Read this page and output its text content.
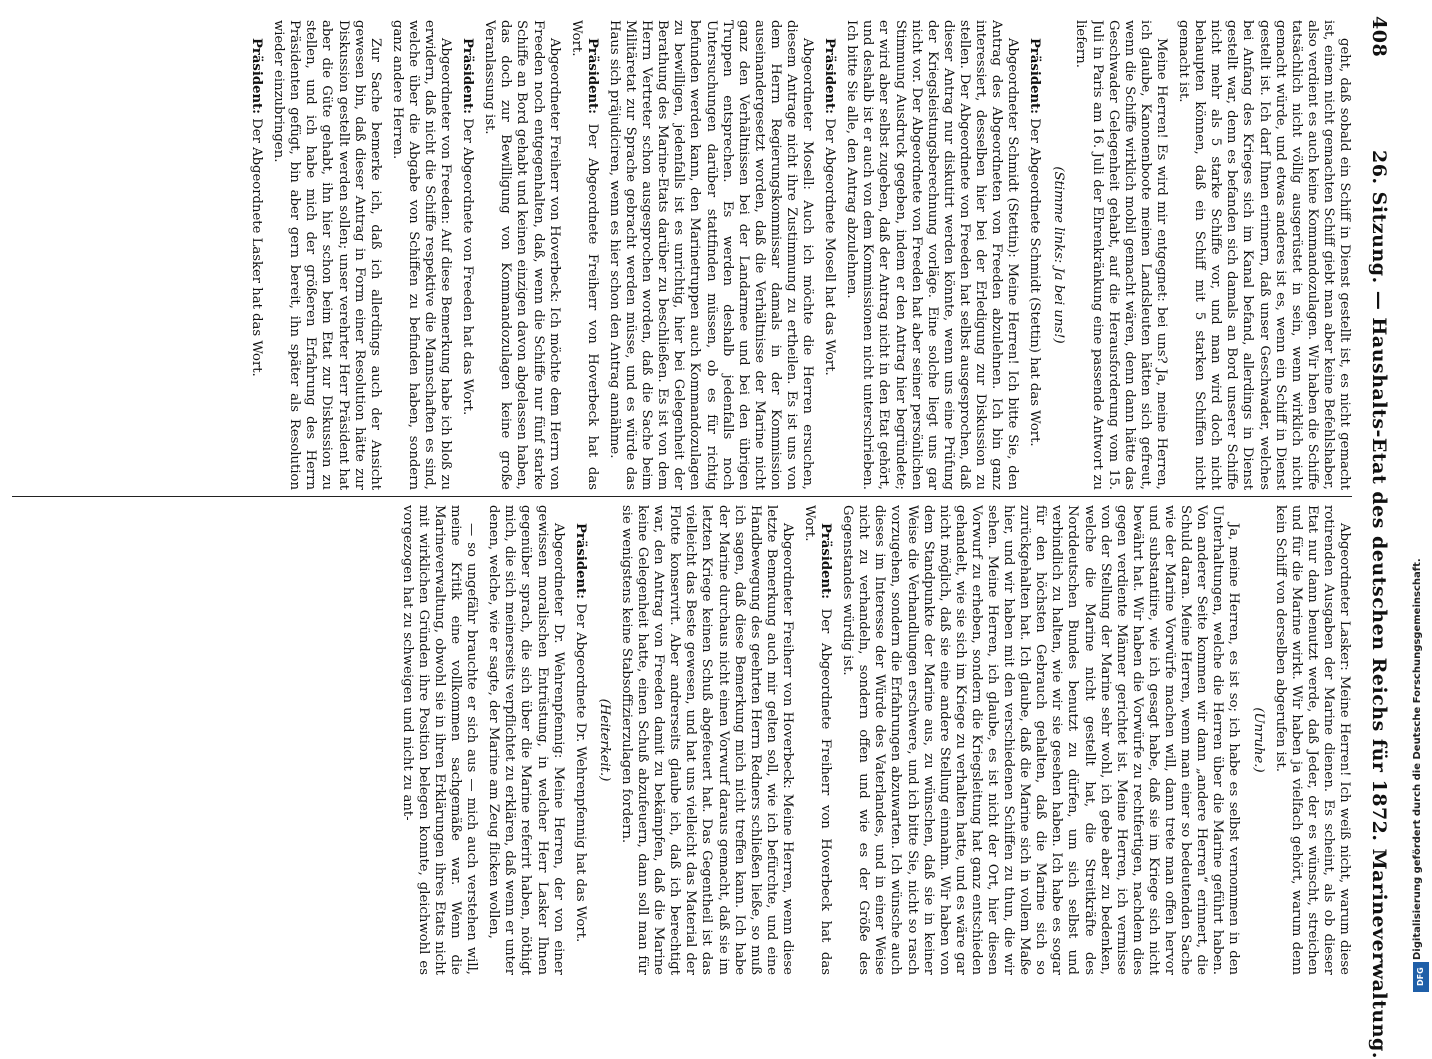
408
26. Sitzung. — Haushalts-Etat des deutschen Reichs für 1872. Marineverwaltung.

geht, daß sobald ein Schiff in Dienst gestellt ist, es nicht gemacht ist, einem nicht gemachten Schiff giebt man aber keine Befehlshaber, also verdient es auch keine Kommandozulagen. Wir haben die Schiffe tatsächlich nicht völlig ausgerüstet in sein, wenn wirklich nicht gemacht würde, und etwas anderes ist es, wenn ein Schiff in Dienst gestellt ist. Ich darf Ihnen erinnern, daß unser Geschwader, welches bei Anfang des Krieges sich im Kanal befand, allerdings in Dienst gestellt war, denn es befanden sich damals an Bord unserer Schiffe nicht mehr als 5 starke Schiffe vor, und man wird doch nicht behaupten können, daß ein Schiff mit 5 starken Schiffen nicht gemacht ist.

Meine Herren! Es wird mir entgegnet: bei uns? Ja, meine Herren, ich glaube, Kanonenboote meinen Landsleuten hätten sich gefreut, wenn die Schiffe wirklich mobil gemacht wären, denn dann hätte das Geschwader Gelegenheit gehabt, auf die Herausforderung vom 15. Juli in Paris am 16. Juli der Ehrenkränkung eine passende Antwort zu liefern.

(Stimme links: Ja bei uns!)

Präsident: Der Abgeordnete Schmidt (Stettin) hat das Wort.

Abgeordneter Schmidt (Stettin): Meine Herren! Ich bitte Sie, den Antrag des Abgeordneten von Freeden abzulehnen. Ich bin ganz interessiert, desselben hier bei der Erledigung zur Diskussion zu stellen. Der Abgeordnete von Freeden hat selbst ausgesprochen, daß dieser Antrag nur diskutirt werden könnte, wenn uns eine Prüfung der Kriegsleistungsberechnung vorläge. Eine solche liegt uns gar nicht vor. Der Abgeordnete von Freeden hat aber seiner persönlichen Stimmung Ausdruck gegeben, indem er den Antrag hier begründete; er wird aber selbst zugeben, daß der Antrag nicht in den Etat gehört, und deshalb ist er auch von dem Kommissionen nicht unterschrieben. Ich bitte Sie alle, den Antrag abzulehnen.

Präsident: Der Abgeordnete Mosell hat das Wort.

Abgeordneter Mosell: Auch ich möchte die Herren ersuchen, diesem Antrage nicht ihre Zustimmung zu ertheilen. Es ist uns von dem Herrn Regierungskommissar damals in der Kommission auseinandergesetzt worden, daß die Verhältnisse der Marine nicht ganz den Verhältnissen bei der Landarmee und bei den übrigen Truppen entsprechen. Es werden deshalb jedenfalls noch Untersuchungen darüber stattfinden müssen, ob es für richtig befunden werden kann, den Marinetruppen auch Kommandozulagen zu bewilligen, jedenfalls ist es unrichtig, hier bei Gelegenheit der Berathung des Marine-Etats darüber zu beschließen. Es ist von dem Herrn Vertreter schon ausgesprochen worden, daß die Sache beim Militäretat zur Sprache gebracht werden müsse, und es würde das Haus sich präjudiciren, wenn es hier schon den Antrag annähme.

Präsident: Der Abgeordnete Freiherr von Hoverbeck hat das Wort.

Abgeordneter Freiherr von Hoverbeck: Ich möchte dem Herrn von Freeden noch entgegenhalten, daß, wenn die Schiffe nur fünf starke Schiffe an Bord gehabt und keinen einzigen davon abgelassen haben, das doch zur Bewilligung von Kommandozulagen keine große Veranlassung ist.

Präsident: Der Abgeordnete von Freeden hat das Wort.

Abgeordneter von Freeden: Auf diese Bemerkung habe ich bloß zu erwidern, daß nicht die Schiffe respektive die Mannschaften es sind, welche über die Abgabe von Schiffen zu befinden haben, sondern ganz andere Herren.

Zur Sache bemerke ich, daß ich allerdings auch der Ansicht gewesen bin, daß dieser Antrag in Form einer Resolution hätte zur Diskussion gestellt werden sollen; unser verehrter Herr Präsident hat aber die Güte gehabt, ihn hier schon beim Etat zur Diskussion zu stellen, und ich habe mich der größeren Erfahrung des Herrn Präsidenten gefügt, bin aber gern bereit, ihn später als Resolution wieder einzubringen.

Präsident: Der Abgeordnete Lasker hat das Wort.

Abgeordneter Lasker: Meine Herren! Ich weiß nicht, warum diese rotirenden Ausgaben der Marine dienen. Es scheint, als ob dieser Etat nur dann benutzt werde, daß Jeder, der es wünscht, streichen und für die Marine wirkt. Wir haben ja vielfach gehört, warum denn kein Schiff von derselben abgerufen ist.

(Unruhe.)

Ja, meine Herren, es ist so; ich habe es selbst vernommen in den Unterhaltungen, welche die Herren über die Marine geführt haben. Von anderer Seite kommen wir dann „andere Herren“ erinnert, die Schuld daran. Meine Herren, wenn man einer so bedeutenden Sache wie der Marine Vorwürfe machen will, dann trete man offen hervor und substantiire, wie ich gesagt habe, daß sie im Kriege sich nicht bewährt hat. Wir haben die Vorwürfe zu rechtfertigen, nachdem dies gegen verdiente Männer gerichtet ist. Meine Herren, ich vermisse von der Stellung der Marine sehr wohl, ich gebe aber zu bedenken, welche die Marine nicht gestellt hat, die Streitkräfte des Norddeutschen Bundes benutzt zu dürfen, um sich selbst und verbindlich zu halten, wie wir sie gesehen haben. Ich habe es sogar für den höchsten Gebrauch gehalten, daß die Marine sich so zurückgehalten hat. Ich glaube, daß die Marine sich in vollem Maße hier, und wir haben mit den verschiedenen Schiffen zu thun, die wir sehen. Meine Herren, ich glaube, es ist nicht der Ort, hier diesen Vorwurf zu erheben, sondern die Kriegsleitung hat ganz entschieden gehandelt, wie sie sich im Kriege zu verhalten hatte, und es wäre gar nicht möglich, daß sie eine andere Stellung einnahm. Wir haben von dem Standpunkte der Marine aus, zu wünschen, daß sie in keiner Weise die Verhandlungen erschwere, und ich bitte Sie, nicht so rasch vorzugehen, sondern die Erfahrungen abzuwarten. Ich wünsche auch dieses im Interesse der Würde des Vaterlandes, und in einer Weise nicht zu verhandeln, sondern offen und wie es der Größe des Gegenstandes würdig ist.

Präsident: Der Abgeordnete Freiherr von Hoverbeck hat das Wort.

Abgeordneter Freiherr von Hoverbeck: Meine Herren, wenn diese letzte Bemerkung auch mir gelten soll, wie ich befürchte, und eine Handbewegung des geehrten Herrn Redners schließen ließe, so muß ich sagen, daß diese Bemerkung mich nicht treffen kann. Ich habe der Marine durchaus nicht einen Vorwurf daraus gemacht, daß sie im letzten Kriege keinen Schuß abgefeuert hat. Das Gegentheil ist das vielleicht das Beste gewesen, und hat uns vielleicht das Material der Flotte konservirt. Aber andrerseits glaube ich, daß ich berechtigt war, den Antrag von Freeden damit zu bekämpfen, daß die Marine keine Gelegenheit hatte, einen Schuß abzufeuern, dann soll man für sie wenigstens keine Stabsoffizierzulagen fordern.

(Heiterkeit.)

Präsident: Der Abgeordnete Dr. Wehrenpfennig hat das Wort.

Abgeordneter Dr. Wehrenpfennig: Meine Herren, der von einer gewissen moralischen Entrüstung, in welcher Herr Lasker Ihnen gegenüber sprach, die sich über die Marine referirt haben, nöthigt mich, die sich meinerseits verpflichtet zu erklären, daß wenn er unter denen, welche, wie er sagte, der Marine am Zeug flicken wollen,

— so ungefähr brauchte er sich aus — mich auch verstehen will, meine Kritik eine vollkommen sachgemäße war. Wenn die Marineverwaltung, obwohl sie in ihren Erklärungen ihres Etats nicht mit wirklichen Gründen ihre Position belegen konnte, gleichwohl es vorgezogen hat zu schweigen und nicht zu ant-	Digitalisierung gefördert durch die Deutsche Forschungsgemeinschaft.
DFG
